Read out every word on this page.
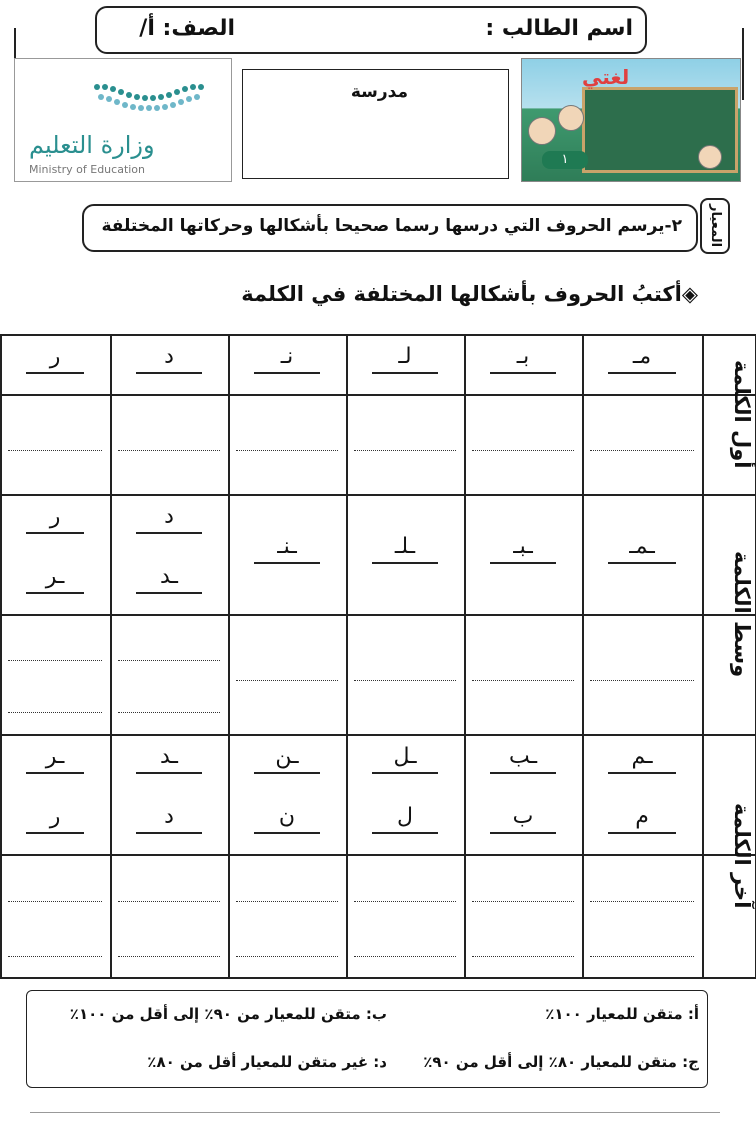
اسم الطالب :
الصف: أ/
وزارة التعليم
Ministry of Education
مدرسة
لغتي
١
المعيار
٢-يرسم الحروف التي درسها رسما صحيحا بأشكالها وحركاتها المختلفة
◈أكتبُ الحروف بأشكالها المختلفة في الكلمة
أول الكلمة
وسط الكلمة
آخر الكلمة
مـ
بـ
لـ
نـ
د
ر
ـمـ
ـبـ
ـلـ
ـنـ
د
ـد
ر
ـر
ـم
م
ـب
ب
ـل
ل
ـن
ن
ـد
د
ـر
ر
أ: متقن للمعيار ١٠٠٪
ب: متقن للمعيار من ٩٠٪ إلى أقل من ١٠٠٪
ج: متقن للمعيار ٨٠٪ إلى أقل من ٩٠٪
د: غير متقن للمعيار أقل من ٨٠٪
